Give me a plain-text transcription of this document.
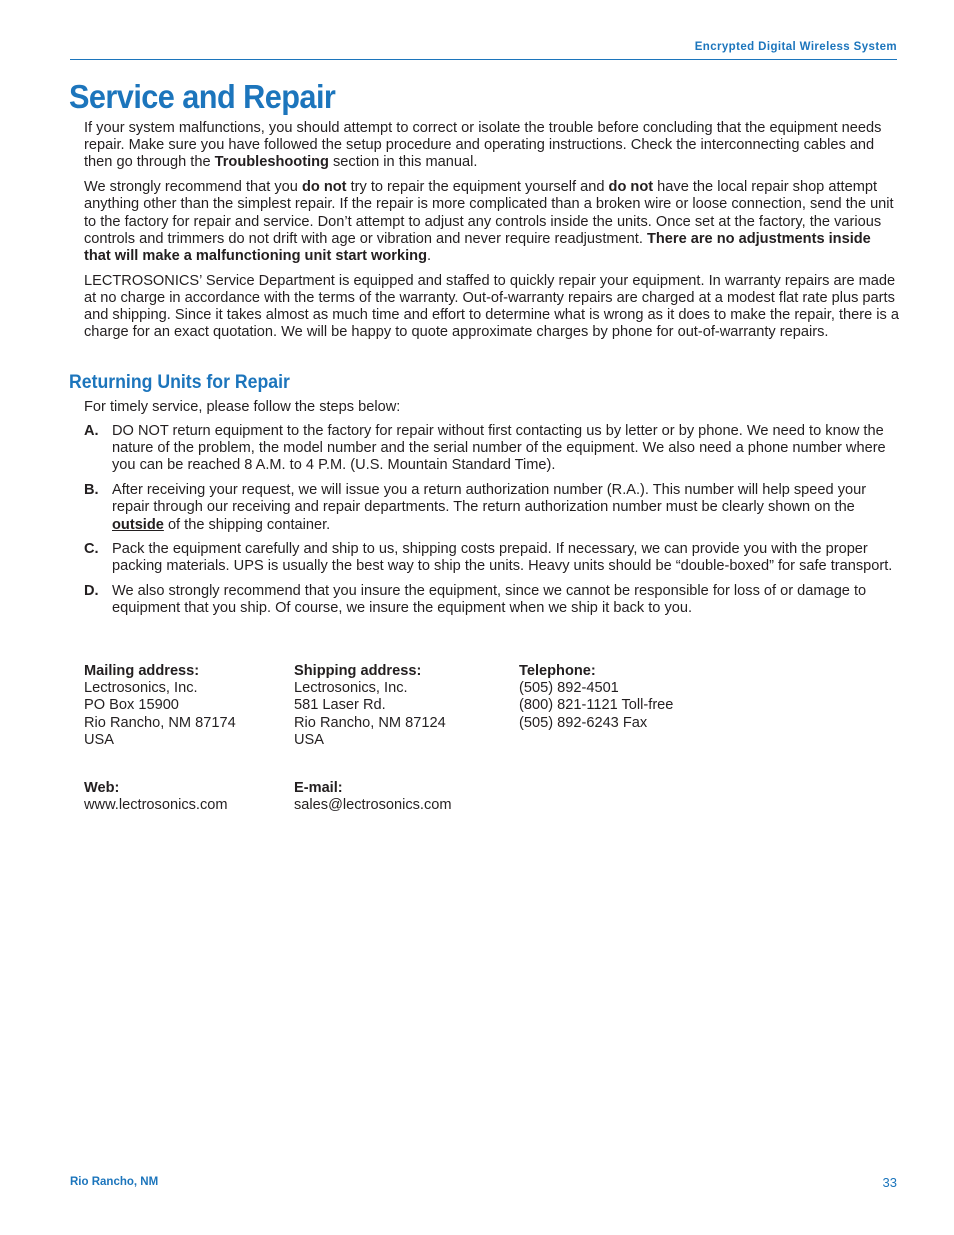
Encrypted Digital Wireless System
Service and Repair

If your system malfunctions, you should attempt to correct or isolate the trouble before concluding that the equipment needs repair. Make sure you have followed the setup procedure and operating instructions. Check the interconnecting cables and then go through the Troubleshooting section in this manual.

We strongly recommend that you do not try to repair the equipment yourself and do not have the local repair shop attempt anything other than the simplest repair. If the repair is more complicated than a broken wire or loose connection, send the unit to the factory for repair and service. Don’t attempt to adjust any controls inside the units. Once set at the factory, the various controls and trimmers do not drift with age or vibration and never require readjustment. There are no adjustments inside that will make a malfunctioning unit start working.

LECTROSONICS’ Service Department is equipped and staffed to quickly repair your equipment. In warranty repairs are made at no charge in accordance with the terms of the warranty. Out-of-warranty repairs are charged at a modest flat rate plus parts and shipping. Since it takes almost as much time and effort to determine what is wrong as it does to make the repair, there is a charge for an exact quotation. We will be happy to quote approximate charges by phone for out-of-warranty repairs.

Returning Units for Repair
For timely service, please follow the steps below:
A. DO NOT return equipment to the factory for repair without first contacting us by letter or by phone. We need to know the nature of the problem, the model number and the serial number of the equipment. We also need a phone number where you can be reached 8 A.M. to 4 P.M. (U.S. Mountain Standard Time).
B. After receiving your request, we will issue you a return authorization number (R.A.). This number will help speed your repair through our receiving and repair departments. The return authorization number must be clearly shown on the outside of the shipping container.
C. Pack the equipment carefully and ship to us, shipping costs prepaid. If necessary, we can provide you with the proper packing materials. UPS is usually the best way to ship the units. Heavy units should be “double-boxed” for safe transport.
D. We also strongly recommend that you insure the equipment, since we cannot be responsible for loss of or damage to equipment that you ship. Of course, we insure the equipment when we ship it back to you.
Mailing address:
Lectrosonics, Inc.
PO Box 15900
Rio Rancho, NM 87174
USA
Shipping address:
Lectrosonics, Inc.
581 Laser Rd.
Rio Rancho, NM 87124
USA
Telephone:
(505) 892-4501
(800) 821-1121 Toll-free
(505) 892-6243 Fax
Web:
www.lectrosonics.com
E-mail:
sales@lectrosonics.com
Rio Rancho, NM	33
